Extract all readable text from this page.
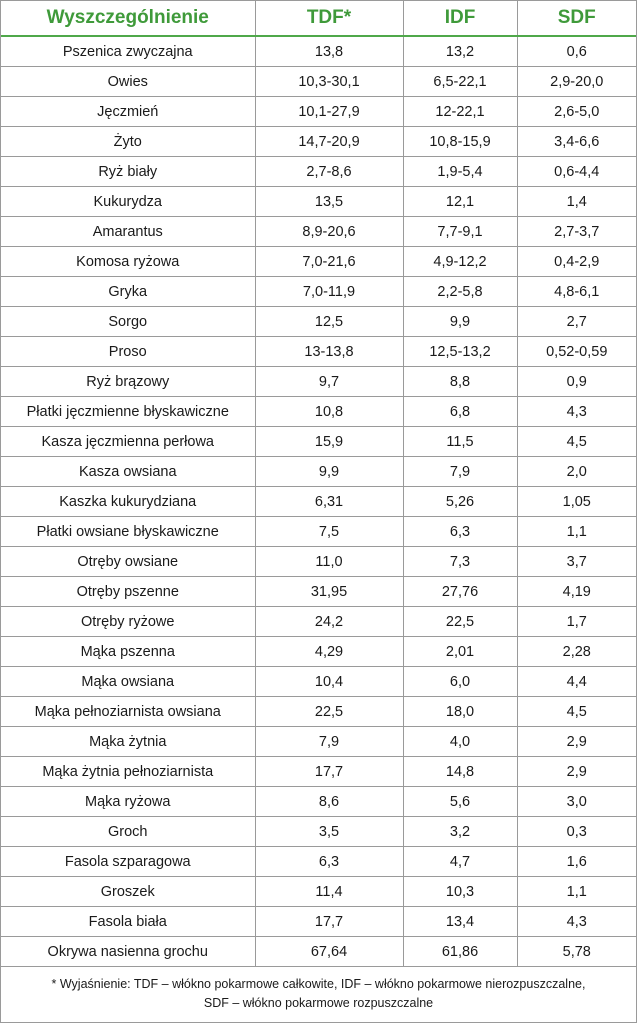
Wyszczególnienie	TDF*	IDF	SDF
Pszenica zwyczajna	13,8	13,2	0,6
Owies	10,3-30,1	6,5-22,1	2,9-20,0
Jęczmień	10,1-27,9	12-22,1	2,6-5,0
Żyto	14,7-20,9	10,8-15,9	3,4-6,6
Ryż biały	2,7-8,6	1,9-5,4	0,6-4,4
Kukurydza	13,5	12,1	1,4
Amarantus	8,9-20,6	7,7-9,1	2,7-3,7
Komosa ryżowa	7,0-21,6	4,9-12,2	0,4-2,9
Gryka	7,0-11,9	2,2-5,8	4,8-6,1
Sorgo	12,5	9,9	2,7
Proso	13-13,8	12,5-13,2	0,52-0,59
Ryż brązowy	9,7	8,8	0,9
Płatki jęczmienne błyskawiczne	10,8	6,8	4,3
Kasza jęczmienna perłowa	15,9	11,5	4,5
Kasza owsiana	9,9	7,9	2,0
Kaszka kukurydziana	6,31	5,26	1,05
Płatki owsiane błyskawiczne	7,5	6,3	1,1
Otręby owsiane	11,0	7,3	3,7
Otręby pszenne	31,95	27,76	4,19
Otręby ryżowe	24,2	22,5	1,7
Mąka pszenna	4,29	2,01	2,28
Mąka owsiana	10,4	6,0	4,4
Mąka pełnoziarnista owsiana	22,5	18,0	4,5
Mąka żytnia	7,9	4,0	2,9
Mąka żytnia pełnoziarnista	17,7	14,8	2,9
Mąka ryżowa	8,6	5,6	3,0
Groch	3,5	3,2	0,3
Fasola szparagowa	6,3	4,7	1,6
Groszek	11,4	10,3	1,1
Fasola biała	17,7	13,4	4,3
Okrywa nasienna grochu	67,64	61,86	5,78
* Wyjaśnienie: TDF – włókno pokarmowe całkowite, IDF – włókno pokarmowe nierozpuszczalne,
SDF – włókno pokarmowe rozpuszczalne
